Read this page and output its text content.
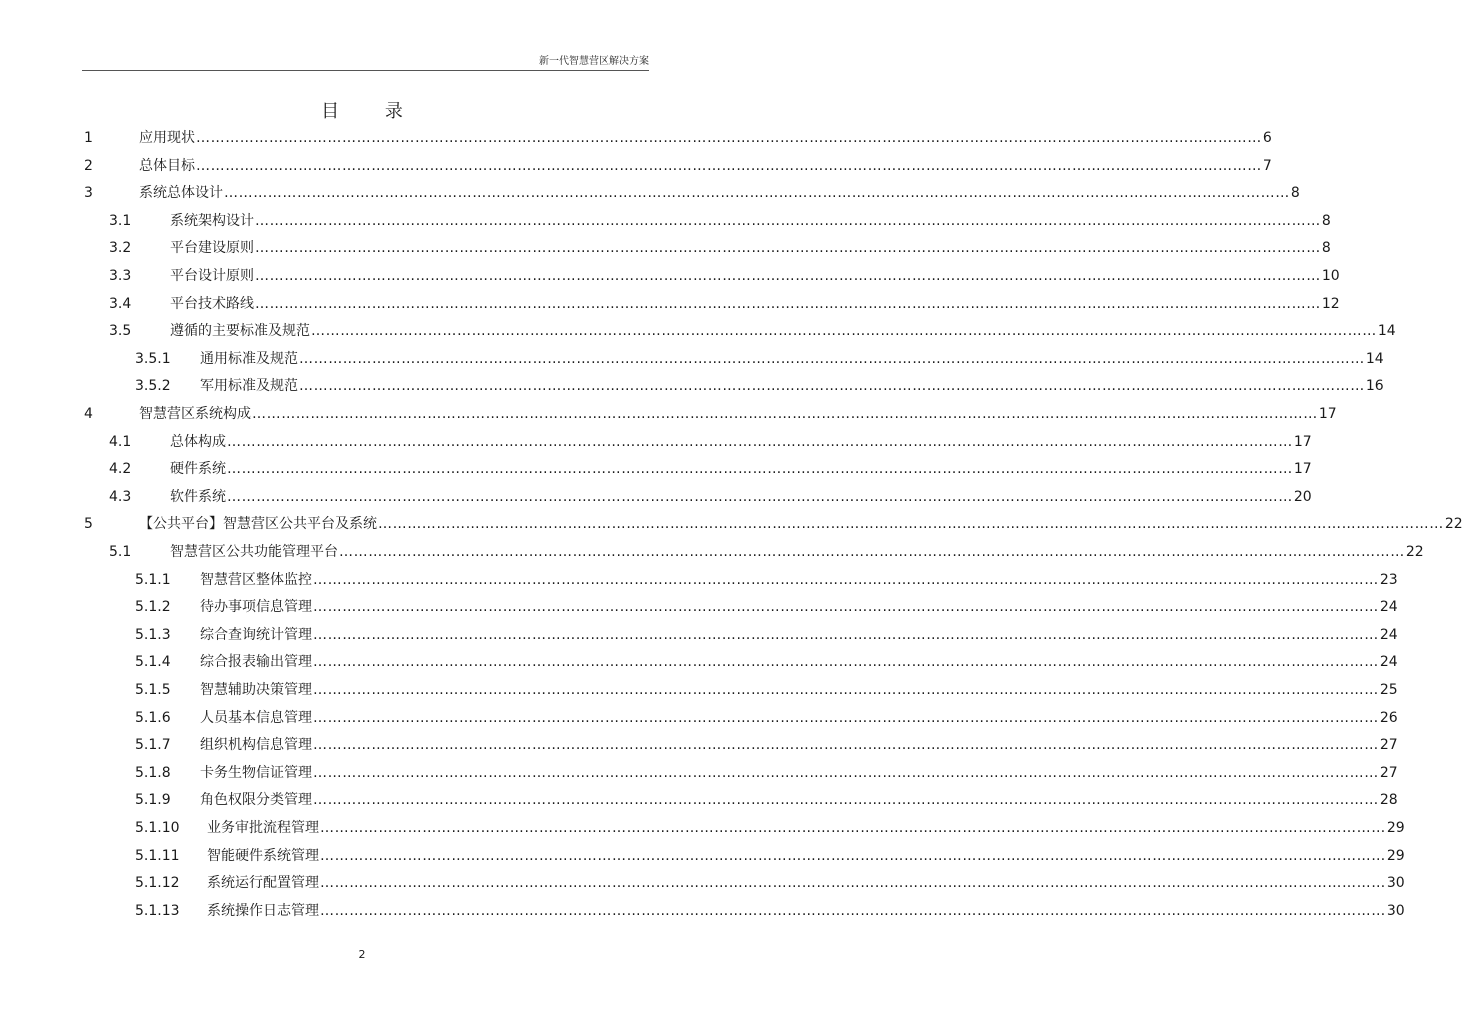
新一代智慧营区解决方案
目 录
1	应用现状 ………………………………………………………………………………………………………………………………………………………………………………………………… 6
2	总体目标 ………………………………………………………………………………………………………………………………………………………………………………………………… 7
3	系统总体设计 ………………………………………………………………………………………………………………………………………………………………………………………………… 8
3.1	系统架构设计 ………………………………………………………………………………………………………………………………………………………………………………………………… 8
3.2	平台建设原则 ………………………………………………………………………………………………………………………………………………………………………………………………… 8
3.3	平台设计原则 ………………………………………………………………………………………………………………………………………………………………………………………………… 10
3.4	平台技术路线 ………………………………………………………………………………………………………………………………………………………………………………………………… 12
3.5	遵循的主要标准及规范 ………………………………………………………………………………………………………………………………………………………………………………………………… 14
3.5.1 通用标准及规范 ………………………………………………………………………………………………………………………………………………………………………………………………… 14
3.5.2 军用标准及规范 ………………………………………………………………………………………………………………………………………………………………………………………………… 16
4	智慧营区系统构成 ………………………………………………………………………………………………………………………………………………………………………………………………… 17
4.1	总体构成 ………………………………………………………………………………………………………………………………………………………………………………………………… 17
4.2	硬件系统 ………………………………………………………………………………………………………………………………………………………………………………………………… 17
4.3	软件系统 ………………………………………………………………………………………………………………………………………………………………………………………………… 20
5	【公共平台】智慧营区公共平台及系统 ………………………………………………………………………………………………………………………………………………………………………………………………… 22
5.1	智慧营区公共功能管理平台 ………………………………………………………………………………………………………………………………………………………………………………………………… 22
5.1.1 智慧营区整体监控 ………………………………………………………………………………………………………………………………………………………………………………………………… 23
5.1.2 待办事项信息管理 ………………………………………………………………………………………………………………………………………………………………………………………………… 24
5.1.3 综合查询统计管理 ………………………………………………………………………………………………………………………………………………………………………………………………… 24
5.1.4 综合报表输出管理 ………………………………………………………………………………………………………………………………………………………………………………………………… 24
5.1.5 智慧辅助决策管理 ………………………………………………………………………………………………………………………………………………………………………………………………… 25
5.1.6 人员基本信息管理 ………………………………………………………………………………………………………………………………………………………………………………………………… 26
5.1.7 组织机构信息管理 ………………………………………………………………………………………………………………………………………………………………………………………………… 27
5.1.8 卡务生物信证管理 ………………………………………………………………………………………………………………………………………………………………………………………………… 27
5.1.9 角色权限分类管理 ………………………………………………………………………………………………………………………………………………………………………………………………… 28
5.1.10 业务审批流程管理 ………………………………………………………………………………………………………………………………………………………………………………………………… 29
5.1.11 智能硬件系统管理 ………………………………………………………………………………………………………………………………………………………………………………………………… 29
5.1.12 系统运行配置管理 ………………………………………………………………………………………………………………………………………………………………………………………………… 30
5.1.13 系统操作日志管理 ………………………………………………………………………………………………………………………………………………………………………………………………… 30
2
